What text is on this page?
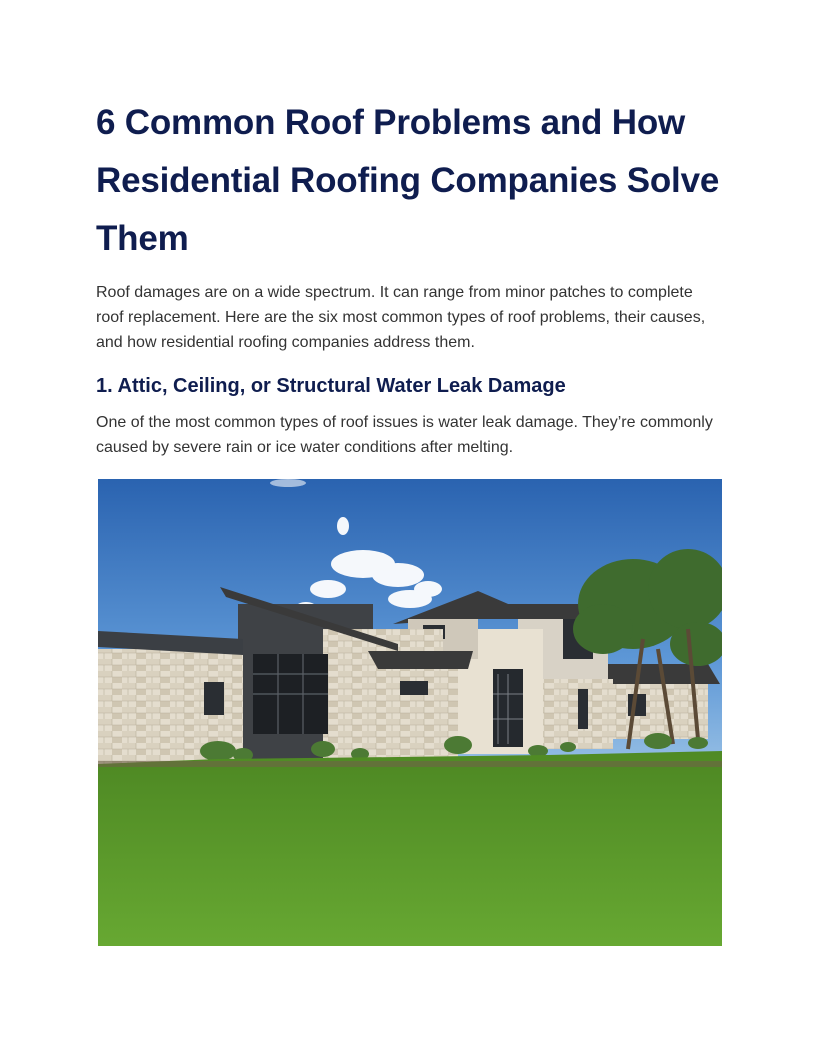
6 Common Roof Problems and How Residential Roofing Companies Solve Them

Roof damages are on a wide spectrum. It can range from minor patches to complete roof replacement. Here are the six most common types of roof problems, their causes, and how residential roofing companies address them.

1. Attic, Ceiling, or Structural Water Leak Damage

One of the most common types of roof issues is water leak damage. They’re commonly caused by severe rain or ice water conditions after melting.
